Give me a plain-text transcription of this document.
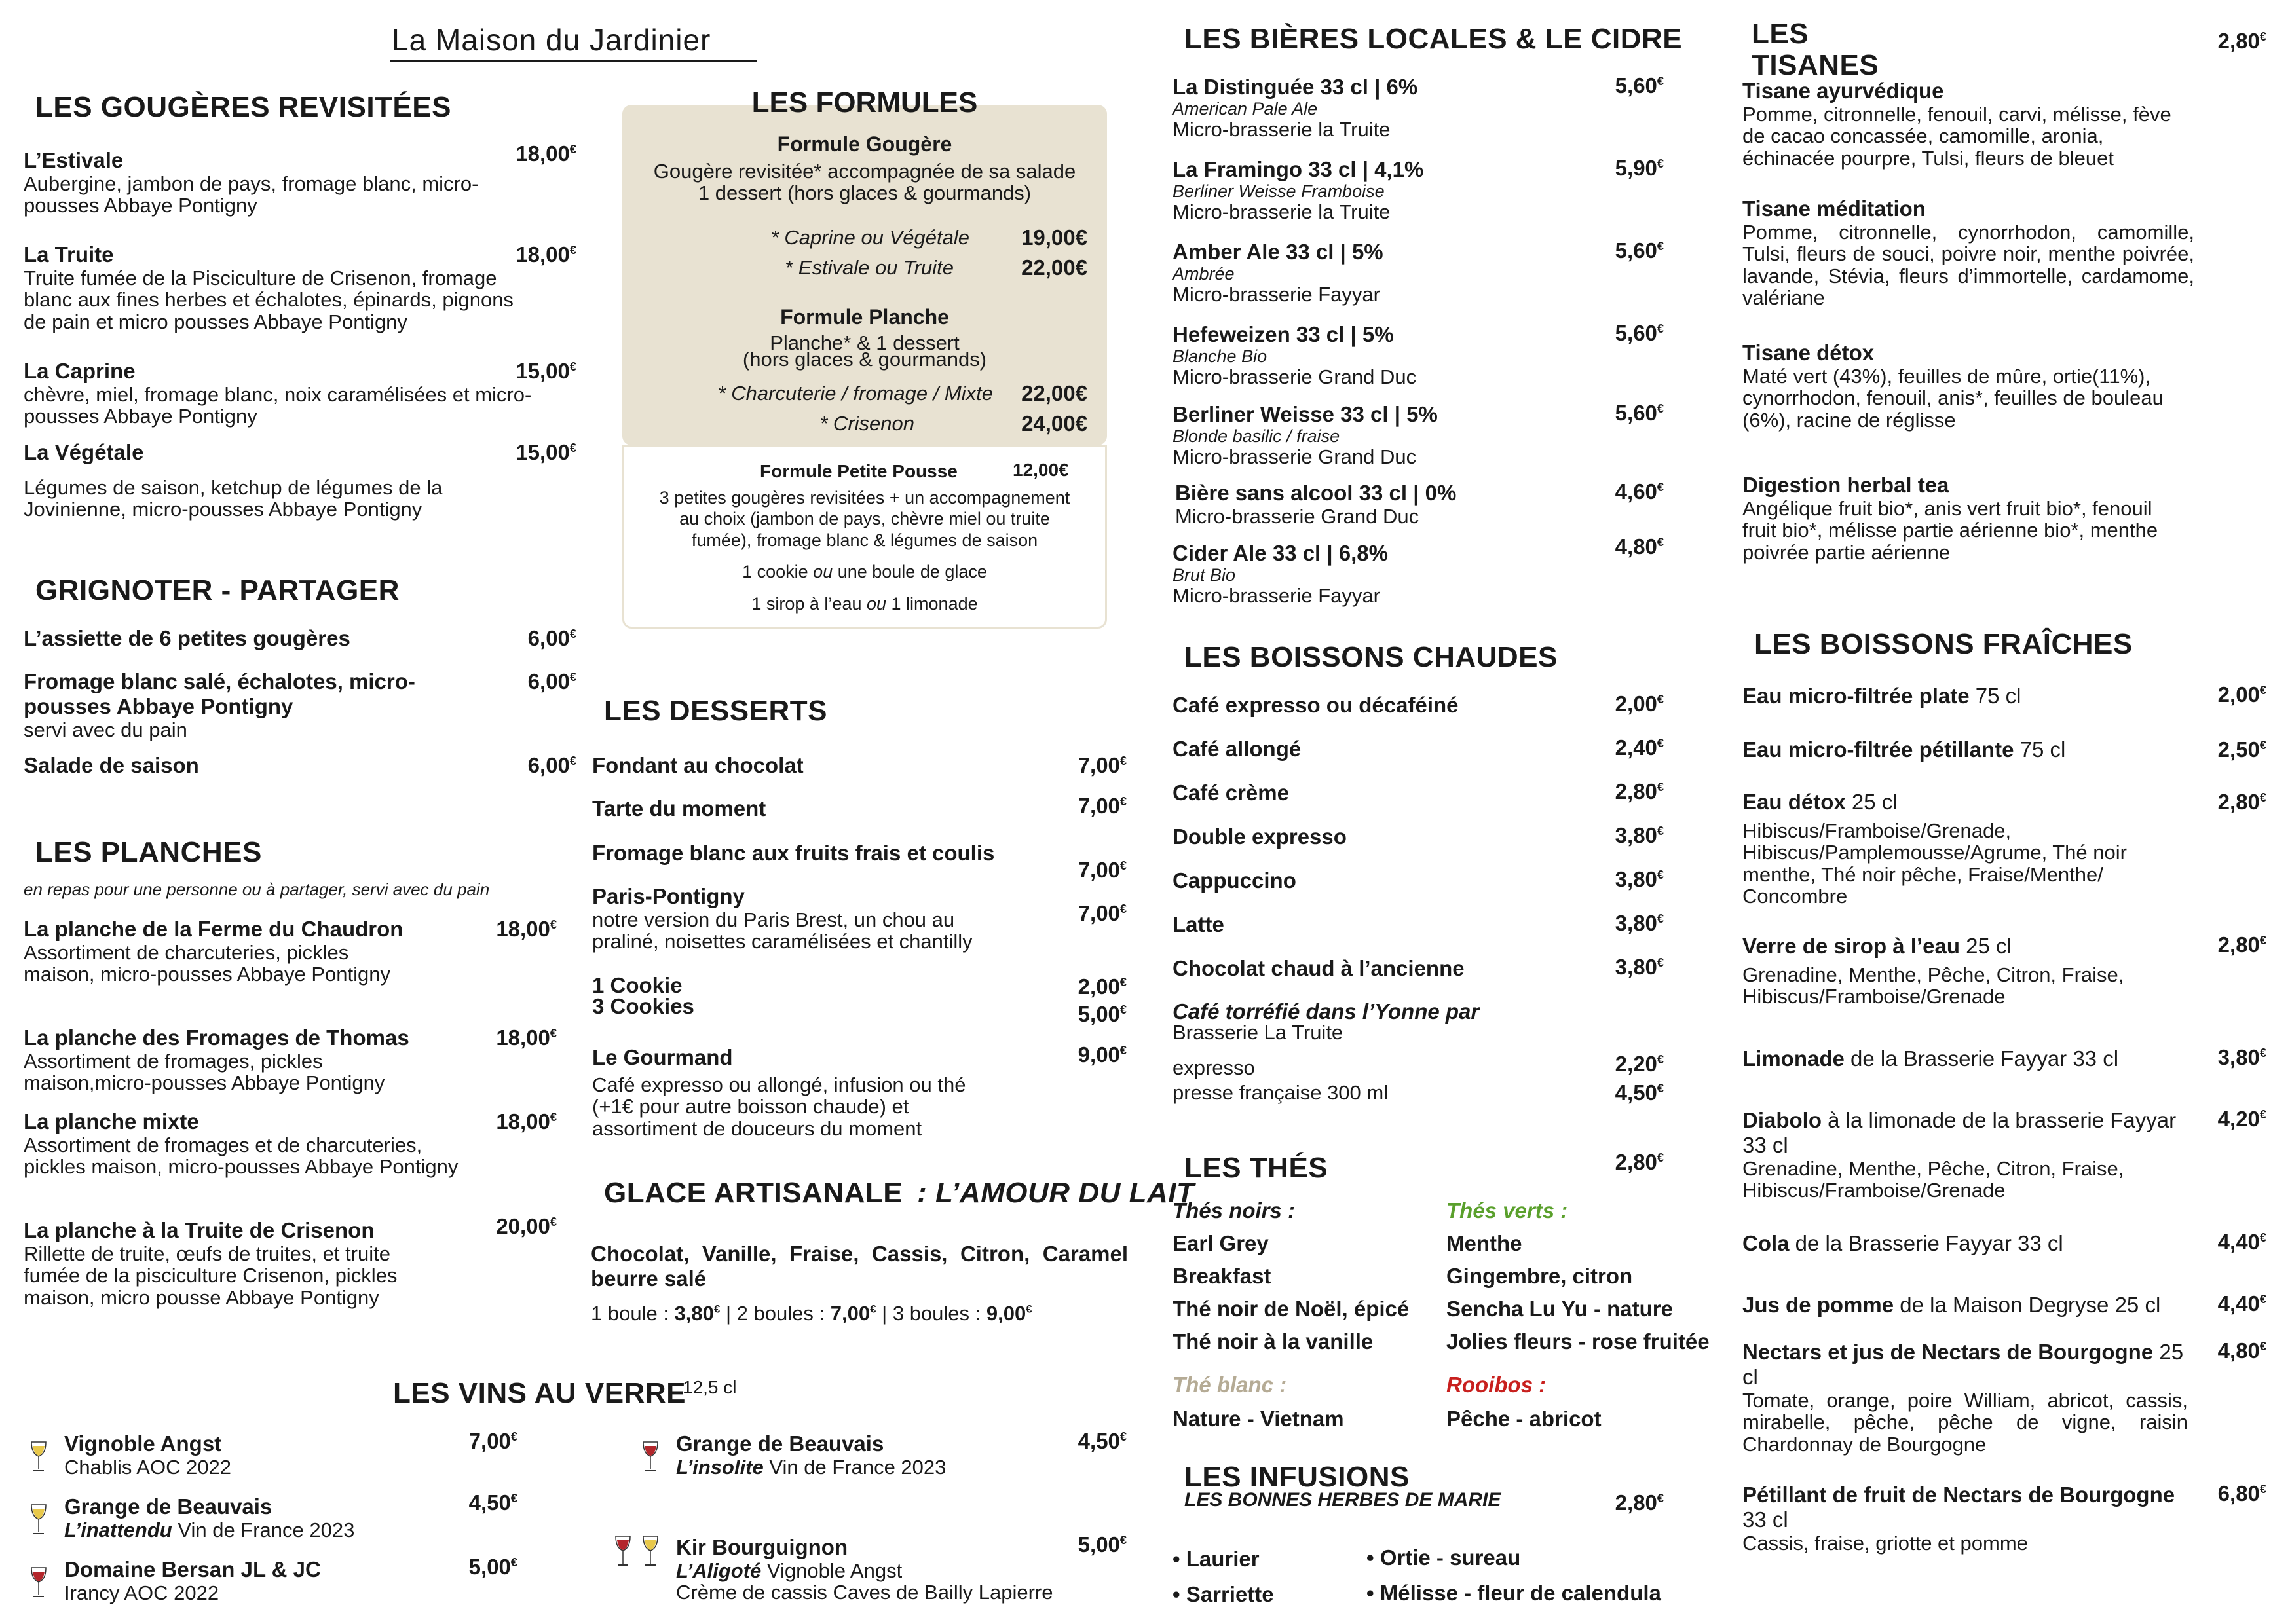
La Maison du Jardinier
LES GOUGÈRES REVISITÉES
L’Estivale
Aubergine, jambon de pays, fromage blanc, micro-pousses Abbaye Pontigny
18,00€
La Truite
Truite fumée de la Pisciculture de Crisenon, fromage blanc aux fines herbes et échalotes, épinards, pignons de pain et micro pousses Abbaye Pontigny
18,00€
La Caprine
chèvre, miel, fromage blanc, noix caramélisées et micro-pousses Abbaye Pontigny
15,00€
La Végétale
Légumes de saison, ketchup de légumes de la Jovinienne, micro-pousses Abbaye Pontigny
15,00€
GRIGNOTER - PARTAGER
L’assiette de 6 petites gougères	6,00€
Fromage blanc salé, échalotes, micro-pousses Abbaye Pontigny
servi avec du pain
6,00€
Salade de saison	6,00€
LES PLANCHES
en repas pour une personne ou à partager, servi avec du pain
La planche de la Ferme du Chaudron
Assortiment de charcuteries, pickles maison, micro-pousses Abbaye Pontigny
18,00€
La planche des Fromages de Thomas
Assortiment de fromages, pickles maison,micro-pousses Abbaye Pontigny
18,00€
La planche mixte
Assortiment de fromages et de charcuteries, pickles maison, micro-pousses Abbaye Pontigny
18,00€
La planche à la Truite de Crisenon
Rillette de truite, œufs de truites, et truite fumée de la pisciculture Crisenon, pickles maison, micro pousse Abbaye Pontigny
20,00€
LES FORMULES
Formule Gougère
Gougère revisitée* accompagnée de sa salade
1 dessert (hors glaces & gourmands)
* Caprine ou Végétale	19,00€
* Estivale ou Truite	22,00€
Formule Planche
Planche* & 1 dessert
(hors glaces & gourmands)
* Charcuterie / fromage / Mixte	22,00€
* Crisenon	24,00€
Formule Petite Pousse	12,00€
3 petites gougères revisitées + un accompagnement
au choix (jambon de pays, chèvre miel ou truite
fumée), fromage blanc & légumes de saison
1 cookie ou une boule de glace
1 sirop à l’eau ou 1 limonade
LES DESSERTS
Fondant au chocolat	7,00€
Tarte du moment	7,00€
Fromage blanc aux fruits frais et coulis
7,00€
Paris-Pontigny
notre version du Paris Brest, un chou au praliné, noisettes caramélisées et chantilly
7,00€
1 Cookie
3 Cookies
2,00€
5,00€
Le Gourmand
Café expresso ou allongé, infusion ou thé (+1€ pour autre boisson chaude) et assortiment de douceurs du moment
9,00€
GLACE ARTISANALE : L’AMOUR DU LAIT
Chocolat, Vanille, Fraise, Cassis, Citron, Caramel beurre salé
1 boule : 3,80€ | 2 boules : 7,00€ | 3 boules : 9,00€
LES VINS AU VERRE
12,5 cl
Vignoble Angst
Chablis AOC 2022
7,00€
Grange de Beauvais
L’inattendu Vin de France 2023
4,50€
Domaine Bersan JL & JC
Irancy AOC 2022
5,00€
Grange de Beauvais
L’insolite Vin de France 2023
4,50€
Kir Bourguignon
L’Aligoté Vignoble Angst
Crème de cassis Caves de Bailly Lapierre
5,00€
LES BIÈRES LOCALES & LE CIDRE
La Distinguée 33 cl | 6%
American Pale Ale
Micro-brasserie la Truite
5,60€
La Framingo 33 cl | 4,1%
Berliner Weisse Framboise
Micro-brasserie la Truite
5,90€
Amber Ale 33 cl | 5%
Ambrée
Micro-brasserie Fayyar
5,60€
Hefeweizen 33 cl | 5%
Blanche Bio
Micro-brasserie Grand Duc
5,60€
Berliner Weisse 33 cl | 5%
Blonde basilic / fraise
Micro-brasserie Grand Duc
5,60€
Bière sans alcool 33 cl | 0%
Micro-brasserie Grand Duc
4,60€
Cider Ale 33 cl | 6,8%
Brut Bio
Micro-brasserie Fayyar
4,80€
LES BOISSONS CHAUDES
Café expresso ou décaféiné	2,00€
Café allongé	2,40€
Café crème	2,80€
Double expresso	3,80€
Cappuccino	3,80€
Latte	3,80€
Chocolat chaud à l’ancienne	3,80€
Café torréfié dans l’Yonne par
Brasserie La Truite
expresso	2,20€
presse française 300 ml	4,50€
LES THÉS	2,80€
Thés noirs :
Earl Grey
Breakfast
Thé noir de Noël, épicé
Thé noir à la vanille
Thés verts :
Menthe
Gingembre, citron
Sencha Lu Yu - nature
Jolies fleurs - rose fruitée
Thé blanc :
Nature - Vietnam
Rooibos :
Pêche - abricot
LES INFUSIONS
LES BONNES HERBES DE MARIE	2,80€
• Laurier
• Sarriette
• Ortie - sureau
• Mélisse - fleur de calendula
LES TISANES
2,80€
Tisane ayurvédique
Pomme, citronnelle, fenouil, carvi, mélisse, fève de cacao concassée, camomille, aronia, échinacée pourpre, Tulsi, fleurs de bleuet
Tisane méditation
Pomme, citronnelle, cynorrhodon, camomille, Tulsi, fleurs de souci, poivre noir, menthe poivrée, lavande, Stévia, fleurs d’immortelle, cardamome, valériane
Tisane détox
Maté vert (43%), feuilles de mûre, ortie(11%), cynorrhodon, fenouil, anis*, feuilles de bouleau (6%), racine de réglisse
Digestion herbal tea
Angélique fruit bio*, anis vert fruit bio*, fenouil fruit bio*, mélisse partie aérienne bio*, menthe poivrée partie aérienne
LES BOISSONS FRAÎCHES
Eau micro-filtrée plate 75 cl	2,00€
Eau micro-filtrée pétillante 75 cl	2,50€
Eau détox 25 cl
Hibiscus/Framboise/Grenade, Hibiscus/Pamplemousse/Agrume, Thé noir menthe, Thé noir pêche, Fraise/Menthe/ Concombre
2,80€
Verre de sirop à l’eau 25 cl
Grenadine, Menthe, Pêche, Citron, Fraise, Hibiscus/Framboise/Grenade
2,80€
Limonade de la Brasserie Fayyar 33 cl	3,80€
Diabolo à la limonade de la brasserie Fayyar 33 cl
Grenadine, Menthe, Pêche, Citron, Fraise, Hibiscus/Framboise/Grenade
4,20€
Cola de la Brasserie Fayyar 33 cl	4,40€
Jus de pomme de la Maison Degryse 25 cl	4,40€
Nectars et jus de Nectars de Bourgogne 25 cl
Tomate, orange, poire William, abricot, cassis, mirabelle, pêche, pêche de vigne, raisin Chardonnay de Bourgogne
4,80€
Pétillant de fruit de Nectars de Bourgogne 33 cl
Cassis, fraise, griotte et pomme
6,80€
